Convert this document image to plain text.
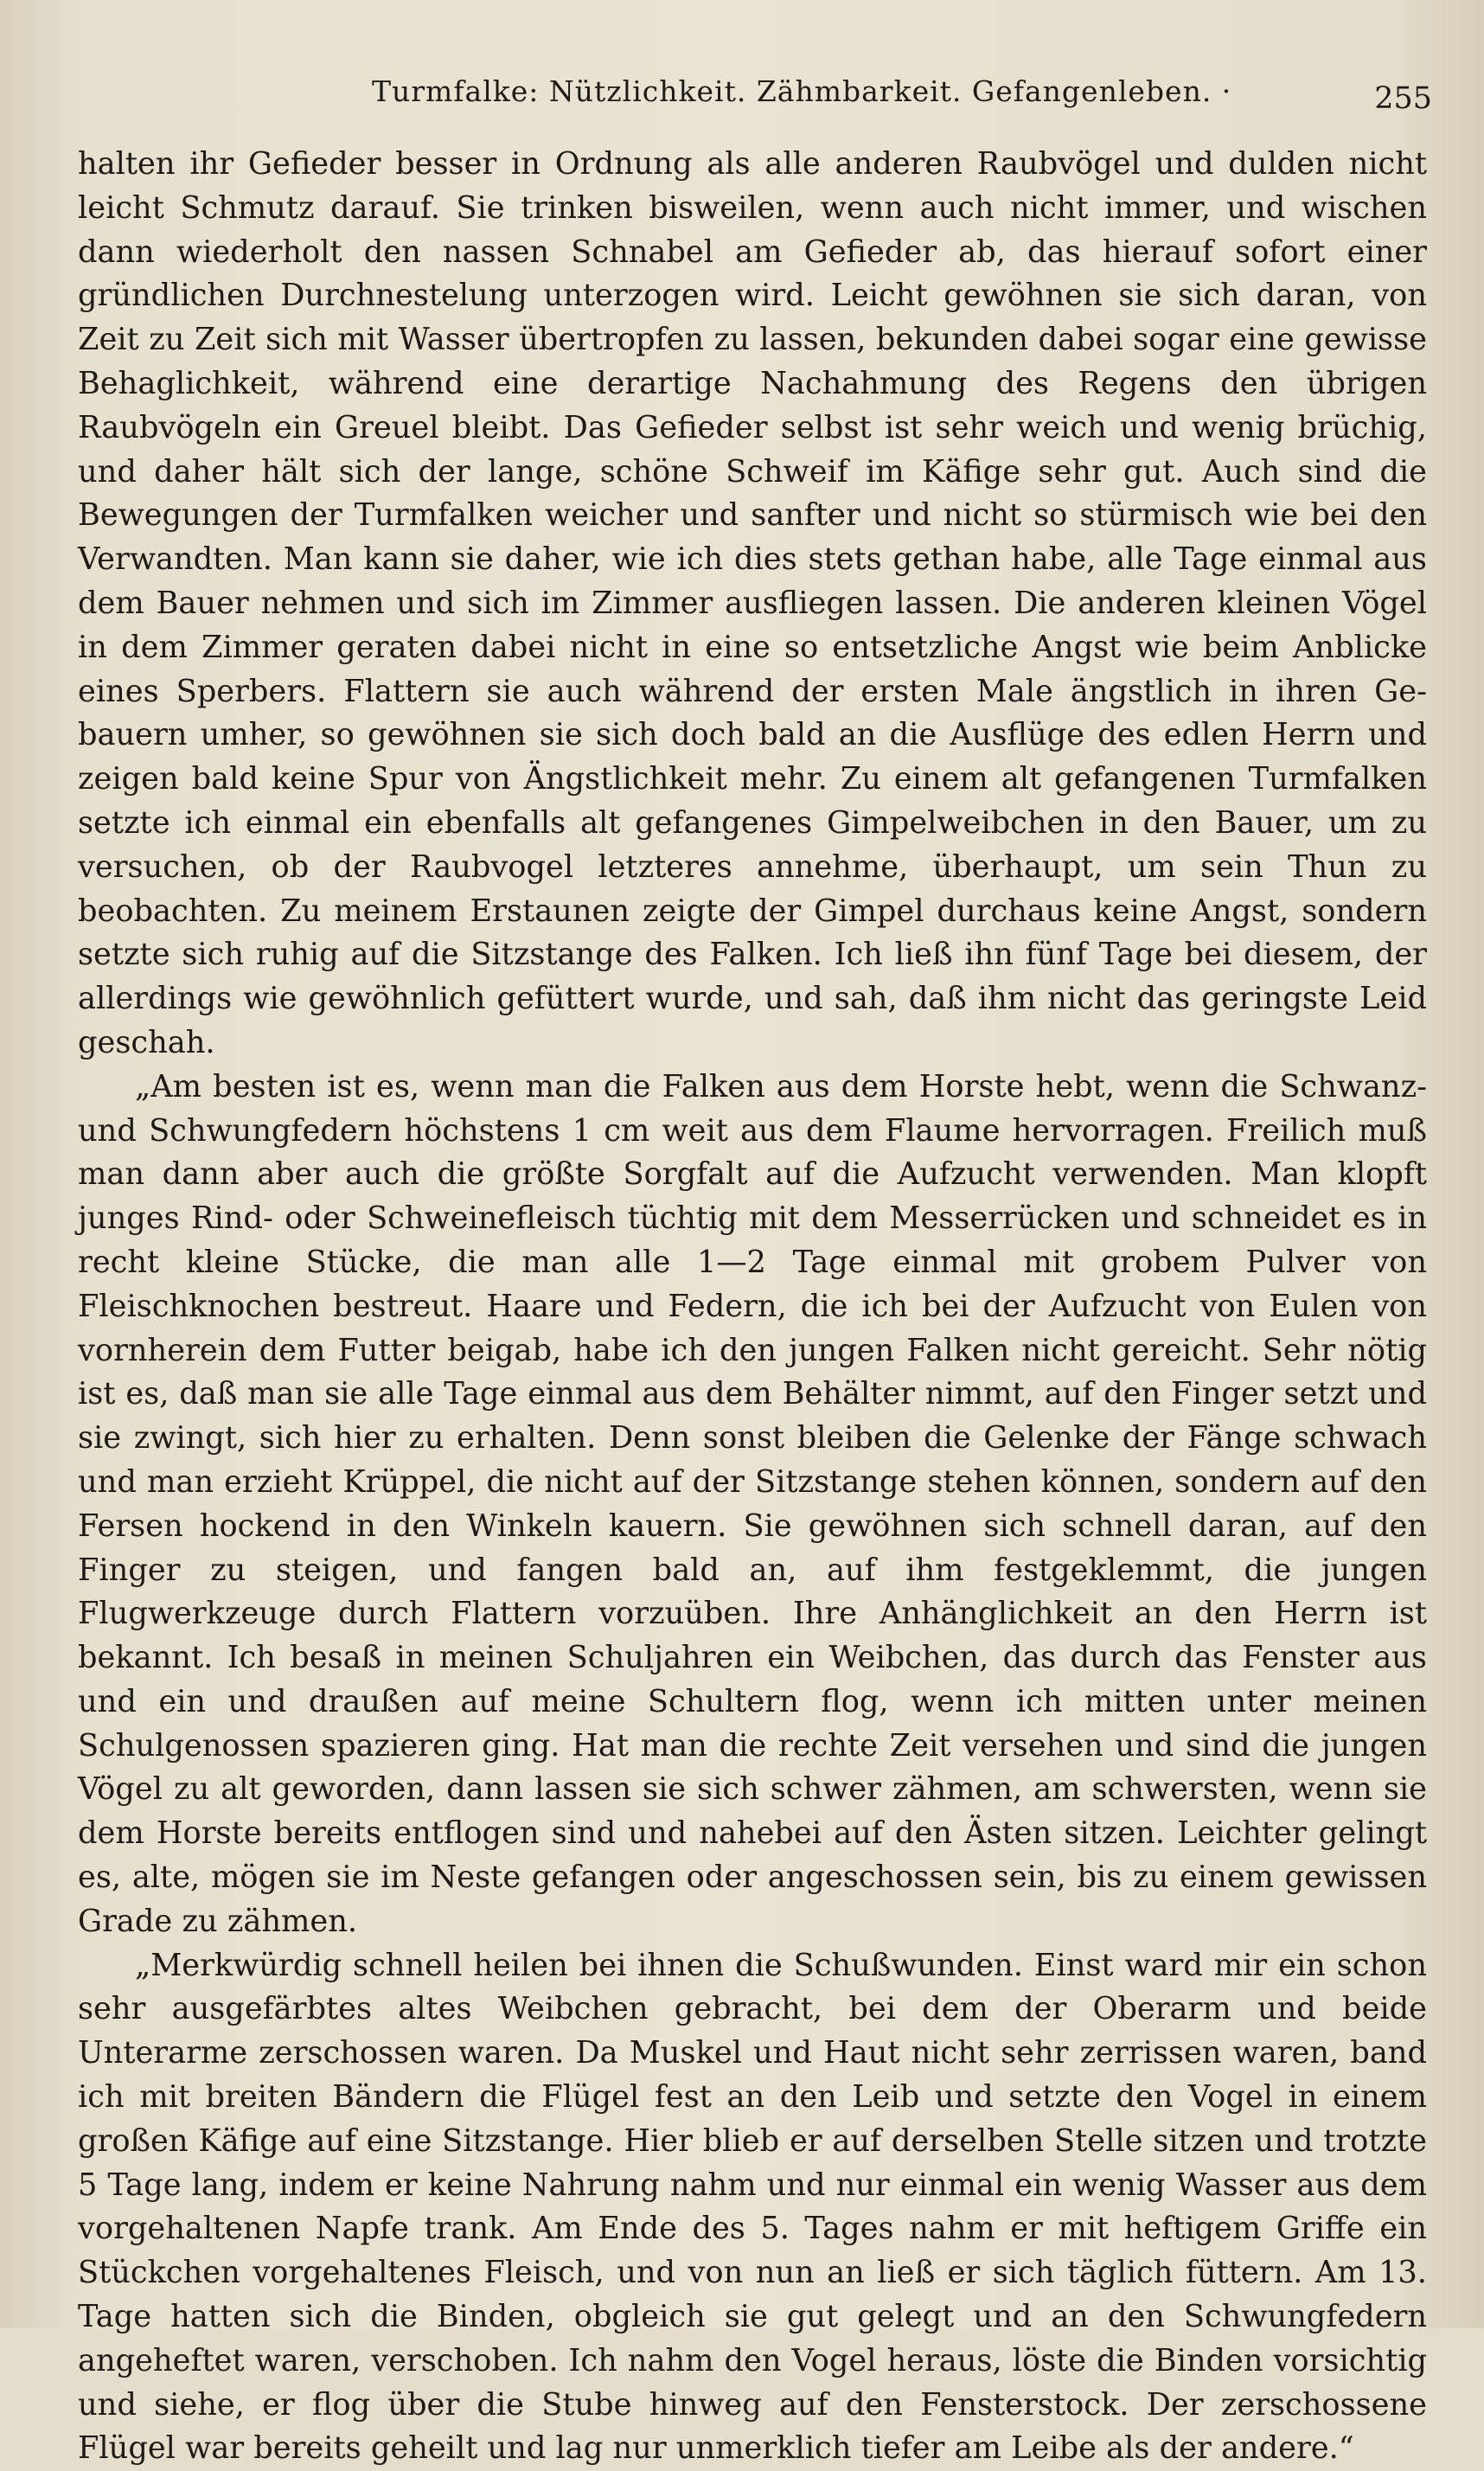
Turmfalke: Nützlichkeit. Zähmbarkeit. Gefangenleben. ·	255

halten ihr Gefieder besser in Ordnung als alle anderen Raubvögel und dulden nicht leicht Schmutz darauf. Sie trinken bisweilen, wenn auch nicht immer, und wischen dann wiederholt den nassen Schnabel am Gefieder ab, das hierauf sofort einer gründlichen Durchnestelung unterzogen wird. Leicht gewöhnen sie sich daran, von Zeit zu Zeit sich mit Wasser übertropfen zu lassen, bekunden dabei sogar eine gewisse Behaglichkeit, während eine derartige Nachahmung des Regens den übrigen Raubvögeln ein Greuel bleibt. Das Gefieder selbst ist sehr weich und wenig brüchig, und daher hält sich der lange, schöne Schweif im Käfige sehr gut. Auch sind die Bewegungen der Turmfalken weicher und sanfter und nicht so stürmisch wie bei den Verwandten. Man kann sie daher, wie ich dies stets gethan habe, alle Tage einmal aus dem Bauer nehmen und sich im Zimmer ausfliegen lassen. Die anderen kleinen Vögel in dem Zimmer geraten dabei nicht in eine so entsetzliche Angst wie beim Anblicke eines Sperbers. Flattern sie auch während der ersten Male ängstlich in ihren Gebauern umher, so gewöhnen sie sich doch bald an die Ausflüge des edlen Herrn und zeigen bald keine Spur von Ängstlichkeit mehr. Zu einem alt gefangenen Turmfalken setzte ich einmal ein ebenfalls alt gefangenes Gimpelweibchen in den Bauer, um zu versuchen, ob der Raubvogel letzteres annehme, überhaupt, um sein Thun zu beobachten. Zu meinem Erstaunen zeigte der Gimpel durchaus keine Angst, sondern setzte sich ruhig auf die Sitzstange des Falken. Ich ließ ihn fünf Tage bei diesem, der allerdings wie gewöhnlich gefüttert wurde, und sah, daß ihm nicht das geringste Leid geschah.

„Am besten ist es, wenn man die Falken aus dem Horste hebt, wenn die Schwanz- und Schwungfedern höchstens 1 cm weit aus dem Flaume hervorragen. Freilich muß man dann aber auch die größte Sorgfalt auf die Aufzucht verwenden. Man klopft junges Rind- oder Schweinefleisch tüchtig mit dem Messerrücken und schneidet es in recht kleine Stücke, die man alle 1—2 Tage einmal mit grobem Pulver von Fleischknochen bestreut. Haare und Federn, die ich bei der Aufzucht von Eulen von vornherein dem Futter beigab, habe ich den jungen Falken nicht gereicht. Sehr nötig ist es, daß man sie alle Tage einmal aus dem Behälter nimmt, auf den Finger setzt und sie zwingt, sich hier zu erhalten. Denn sonst bleiben die Gelenke der Fänge schwach und man erzieht Krüppel, die nicht auf der Sitzstange stehen können, sondern auf den Fersen hockend in den Winkeln kauern. Sie gewöhnen sich schnell daran, auf den Finger zu steigen, und fangen bald an, auf ihm festgeklemmt, die jungen Flugwerkzeuge durch Flattern vorzuüben. Ihre Anhänglichkeit an den Herrn ist bekannt. Ich besaß in meinen Schuljahren ein Weibchen, das durch das Fenster aus und ein und draußen auf meine Schultern flog, wenn ich mitten unter meinen Schulgenossen spazieren ging. Hat man die rechte Zeit versehen und sind die jungen Vögel zu alt geworden, dann lassen sie sich schwer zähmen, am schwersten, wenn sie dem Horste bereits entflogen sind und nahebei auf den Ästen sitzen. Leichter gelingt es, alte, mögen sie im Neste gefangen oder angeschossen sein, bis zu einem gewissen Grade zu zähmen.

„Merkwürdig schnell heilen bei ihnen die Schußwunden. Einst ward mir ein schon sehr ausgefärbtes altes Weibchen gebracht, bei dem der Oberarm und beide Unterarme zerschossen waren. Da Muskel und Haut nicht sehr zerrissen waren, band ich mit breiten Bändern die Flügel fest an den Leib und setzte den Vogel in einem großen Käfige auf eine Sitzstange. Hier blieb er auf derselben Stelle sitzen und trotzte 5 Tage lang, indem er keine Nahrung nahm und nur einmal ein wenig Wasser aus dem vorgehaltenen Napfe trank. Am Ende des 5. Tages nahm er mit heftigem Griffe ein Stückchen vorgehaltenes Fleisch, und von nun an ließ er sich täglich füttern. Am 13. Tage hatten sich die Binden, obgleich sie gut gelegt und an den Schwungfedern angeheftet waren, verschoben. Ich nahm den Vogel heraus, löste die Binden vorsichtig und siehe, er flog über die Stube hinweg auf den Fensterstock. Der zerschossene Flügel war bereits geheilt und lag nur unmerklich tiefer am Leibe als der andere.“
